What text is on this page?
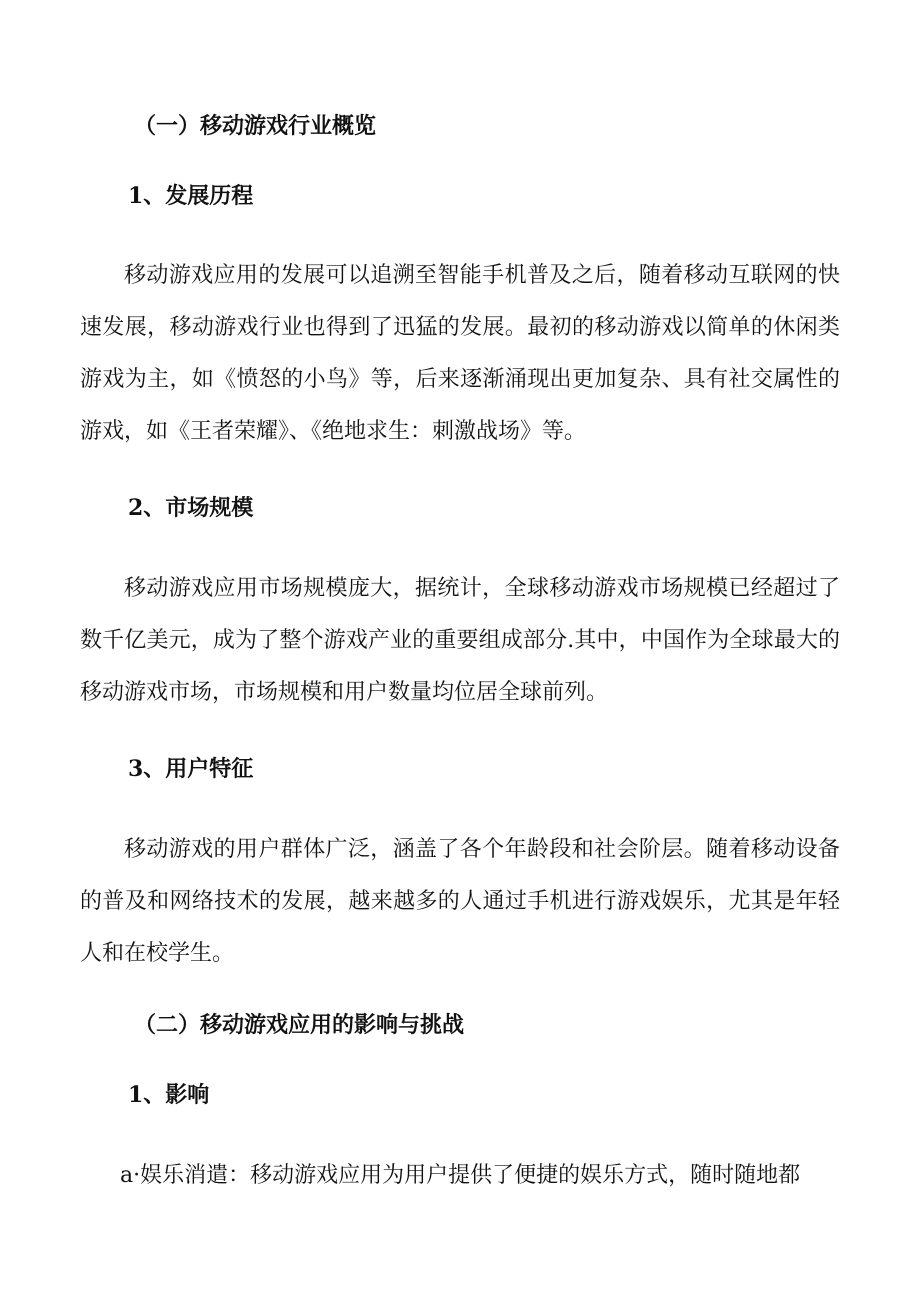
（一）移动游戏行业概览
1、发展历程

移动游戏应用的发展可以追溯至智能手机普及之后，随着移动互联网的快速发展，移动游戏行业也得到了迅猛的发展。最初的移动游戏以简单的休闲类游戏为主，如《愤怒的小鸟》等，后来逐渐涌现出更加复杂、具有社交属性的游戏，如《王者荣耀》、《绝地求生：刺激战场》等。

2、市场规模

移动游戏应用市场规模庞大，据统计，全球移动游戏市场规模已经超过了数千亿美元，成为了整个游戏产业的重要组成部分.其中，中国作为全球最大的移动游戏市场，市场规模和用户数量均位居全球前列。

3、用户特征

移动游戏的用户群体广泛，涵盖了各个年龄段和社会阶层。随着移动设备的普及和网络技术的发展，越来越多的人通过手机进行游戏娱乐，尤其是年轻人和在校学生。

（二）移动游戏应用的影响与挑战
1、影响

a·娱乐消遣：移动游戏应用为用户提供了便捷的娱乐方式，随时随地都
